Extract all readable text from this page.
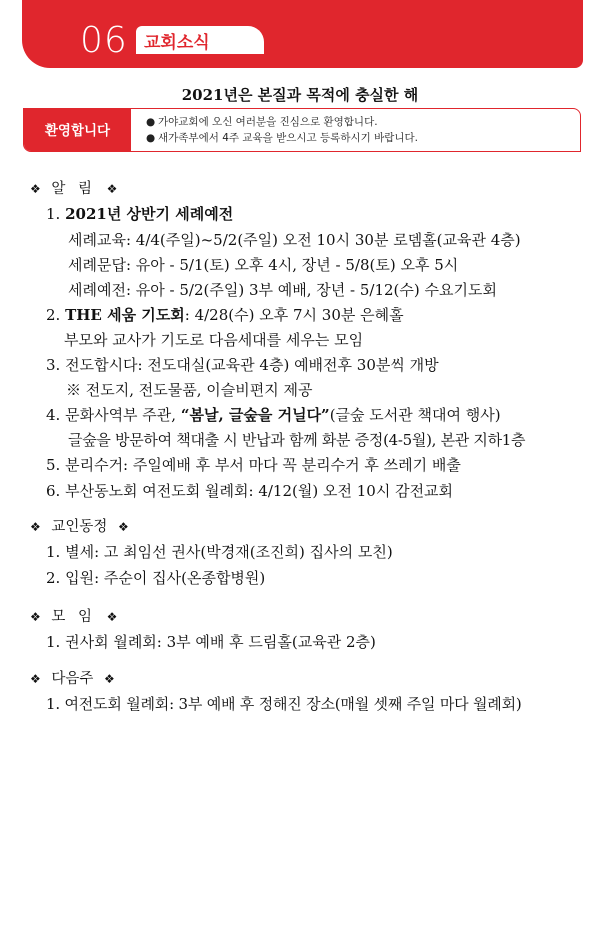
06 교회소식
2021년은 본질과 목적에 충실한 해
환영합니다
● 가야교회에 오신 여러분을 진심으로 환영합니다.
● 새가족부에서 4주 교육을 받으시고 등록하시기 바랍니다.
❖ 알 림 ❖
1. 2021년 상반기 세례예전
세례교육: 4/4(주일)~5/2(주일) 오전 10시 30분 로뎀홀(교육관 4층)
세례문답: 유아 - 5/1(토) 오후 4시, 장년 - 5/8(토) 오후 5시
세례예전: 유아 - 5/2(주일) 3부 예배, 장년 - 5/12(수) 수요기도회
2. THE 세움 기도회: 4/28(수) 오후 7시 30분 은혜홀
부모와 교사가 기도로 다음세대를 세우는 모임
3. 전도합시다: 전도대실(교육관 4층) 예배전후 30분씩 개방
※ 전도지, 전도물품, 이슬비편지 제공
4. 문화사역부 주관, “봄날, 글숲을 거닐다”(글숲 도서관 책대여 행사)
글숲을 방문하여 책대출 시 반납과 함께 화분 증정(4-5월), 본관 지하1층
5. 분리수거: 주일예배 후 부서 마다 꼭 분리수거 후 쓰레기 배출
6. 부산동노회 여전도회 월례회: 4/12(월) 오전 10시 감전교회
❖ 교인동정 ❖
1. 별세: 고 최임선 권사(박경재(조진희) 집사의 모친)
2. 입원: 주순이 집사(온종합병원)
❖ 모 임 ❖
1. 권사회 월례회: 3부 예배 후 드림홀(교육관 2층)
❖ 다음주 ❖
1. 여전도회 월례회: 3부 예배 후 정해진 장소(매월 셋째 주일 마다 월례회)
